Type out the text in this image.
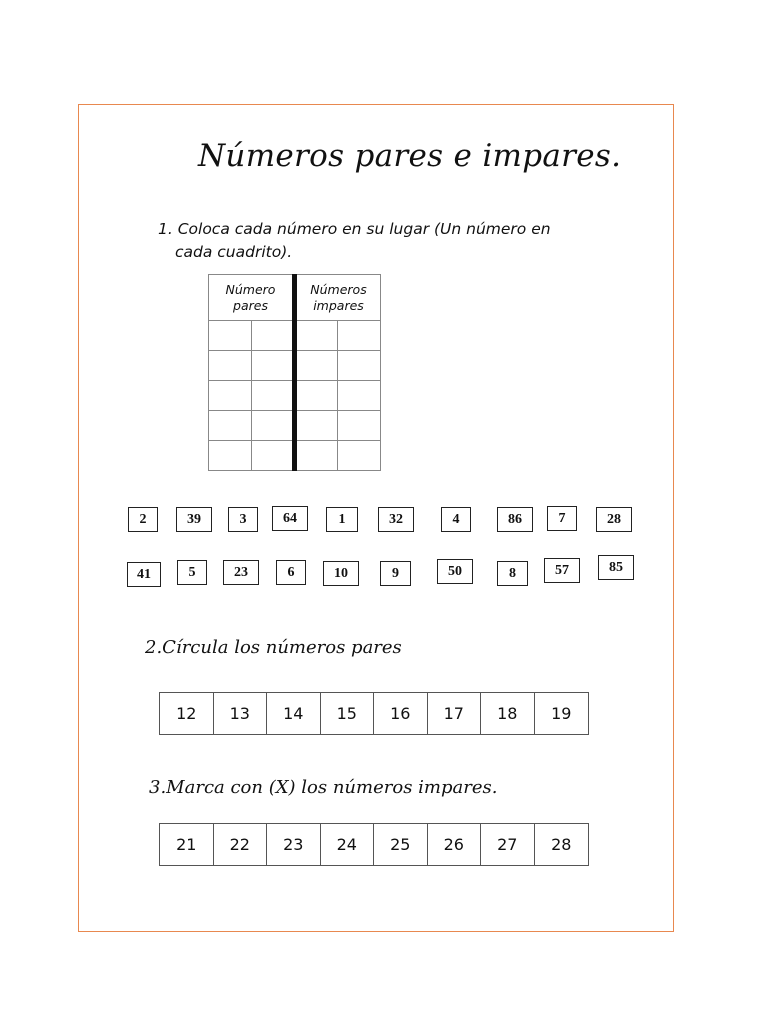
Números pares e impares.
1. Coloca cada número en su lugar (Un número en
cada cuadrito).
Número
pares		Números
impares	

2	39	3	64	1	32	4	86	7	28
41	5	23	6	10	9	50	8	57	85
2.Círcula los números pares
12	13	14	15	16	17	18	19
3.Marca con (X) los números impares.
21	22	23	24	25	26	27	28
